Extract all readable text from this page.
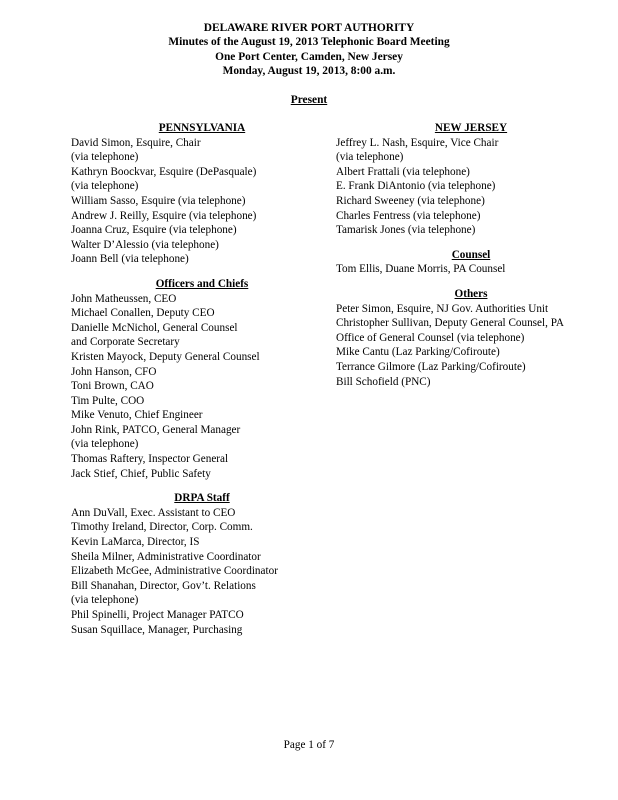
DELAWARE RIVER PORT AUTHORITY
Minutes of the August 19, 2013 Telephonic Board Meeting
One Port Center, Camden, New Jersey
Monday, August 19, 2013, 8:00 a.m.
Present
PENNSYLVANIA
David Simon, Esquire, Chair
(via telephone)
Kathryn Boockvar, Esquire (DePasquale)
(via telephone)
William Sasso, Esquire (via telephone)
Andrew J. Reilly, Esquire (via telephone)
Joanna Cruz, Esquire (via telephone)
Walter D’Alessio (via telephone)
Joann Bell (via telephone)
Officers and Chiefs
John Matheussen, CEO
Michael Conallen, Deputy CEO
Danielle McNichol, General Counsel
and Corporate Secretary
Kristen Mayock, Deputy General Counsel
John Hanson, CFO
Toni Brown, CAO
Tim Pulte, COO
Mike Venuto, Chief Engineer
John Rink, PATCO, General Manager
(via telephone)
Thomas Raftery, Inspector General
Jack Stief, Chief, Public Safety
DRPA Staff
Ann DuVall, Exec. Assistant to CEO
Timothy Ireland, Director, Corp. Comm.
Kevin LaMarca, Director, IS
Sheila Milner, Administrative Coordinator
Elizabeth McGee, Administrative Coordinator
Bill Shanahan, Director, Gov’t. Relations
(via telephone)
Phil Spinelli, Project Manager PATCO
Susan Squillace, Manager, Purchasing
NEW JERSEY
Jeffrey L. Nash, Esquire, Vice Chair
(via telephone)
Albert Frattali (via telephone)
E. Frank DiAntonio (via telephone)
Richard Sweeney (via telephone)
Charles Fentress (via telephone)
Tamarisk Jones (via telephone)
Counsel
Tom Ellis, Duane Morris, PA Counsel
Others
Peter Simon, Esquire, NJ Gov. Authorities Unit
Christopher Sullivan, Deputy General Counsel, PA
Office of General Counsel (via telephone)
Mike Cantu (Laz Parking/Cofiroute)
Terrance Gilmore (Laz Parking/Cofiroute)
Bill Schofield (PNC)
Page 1 of 7
